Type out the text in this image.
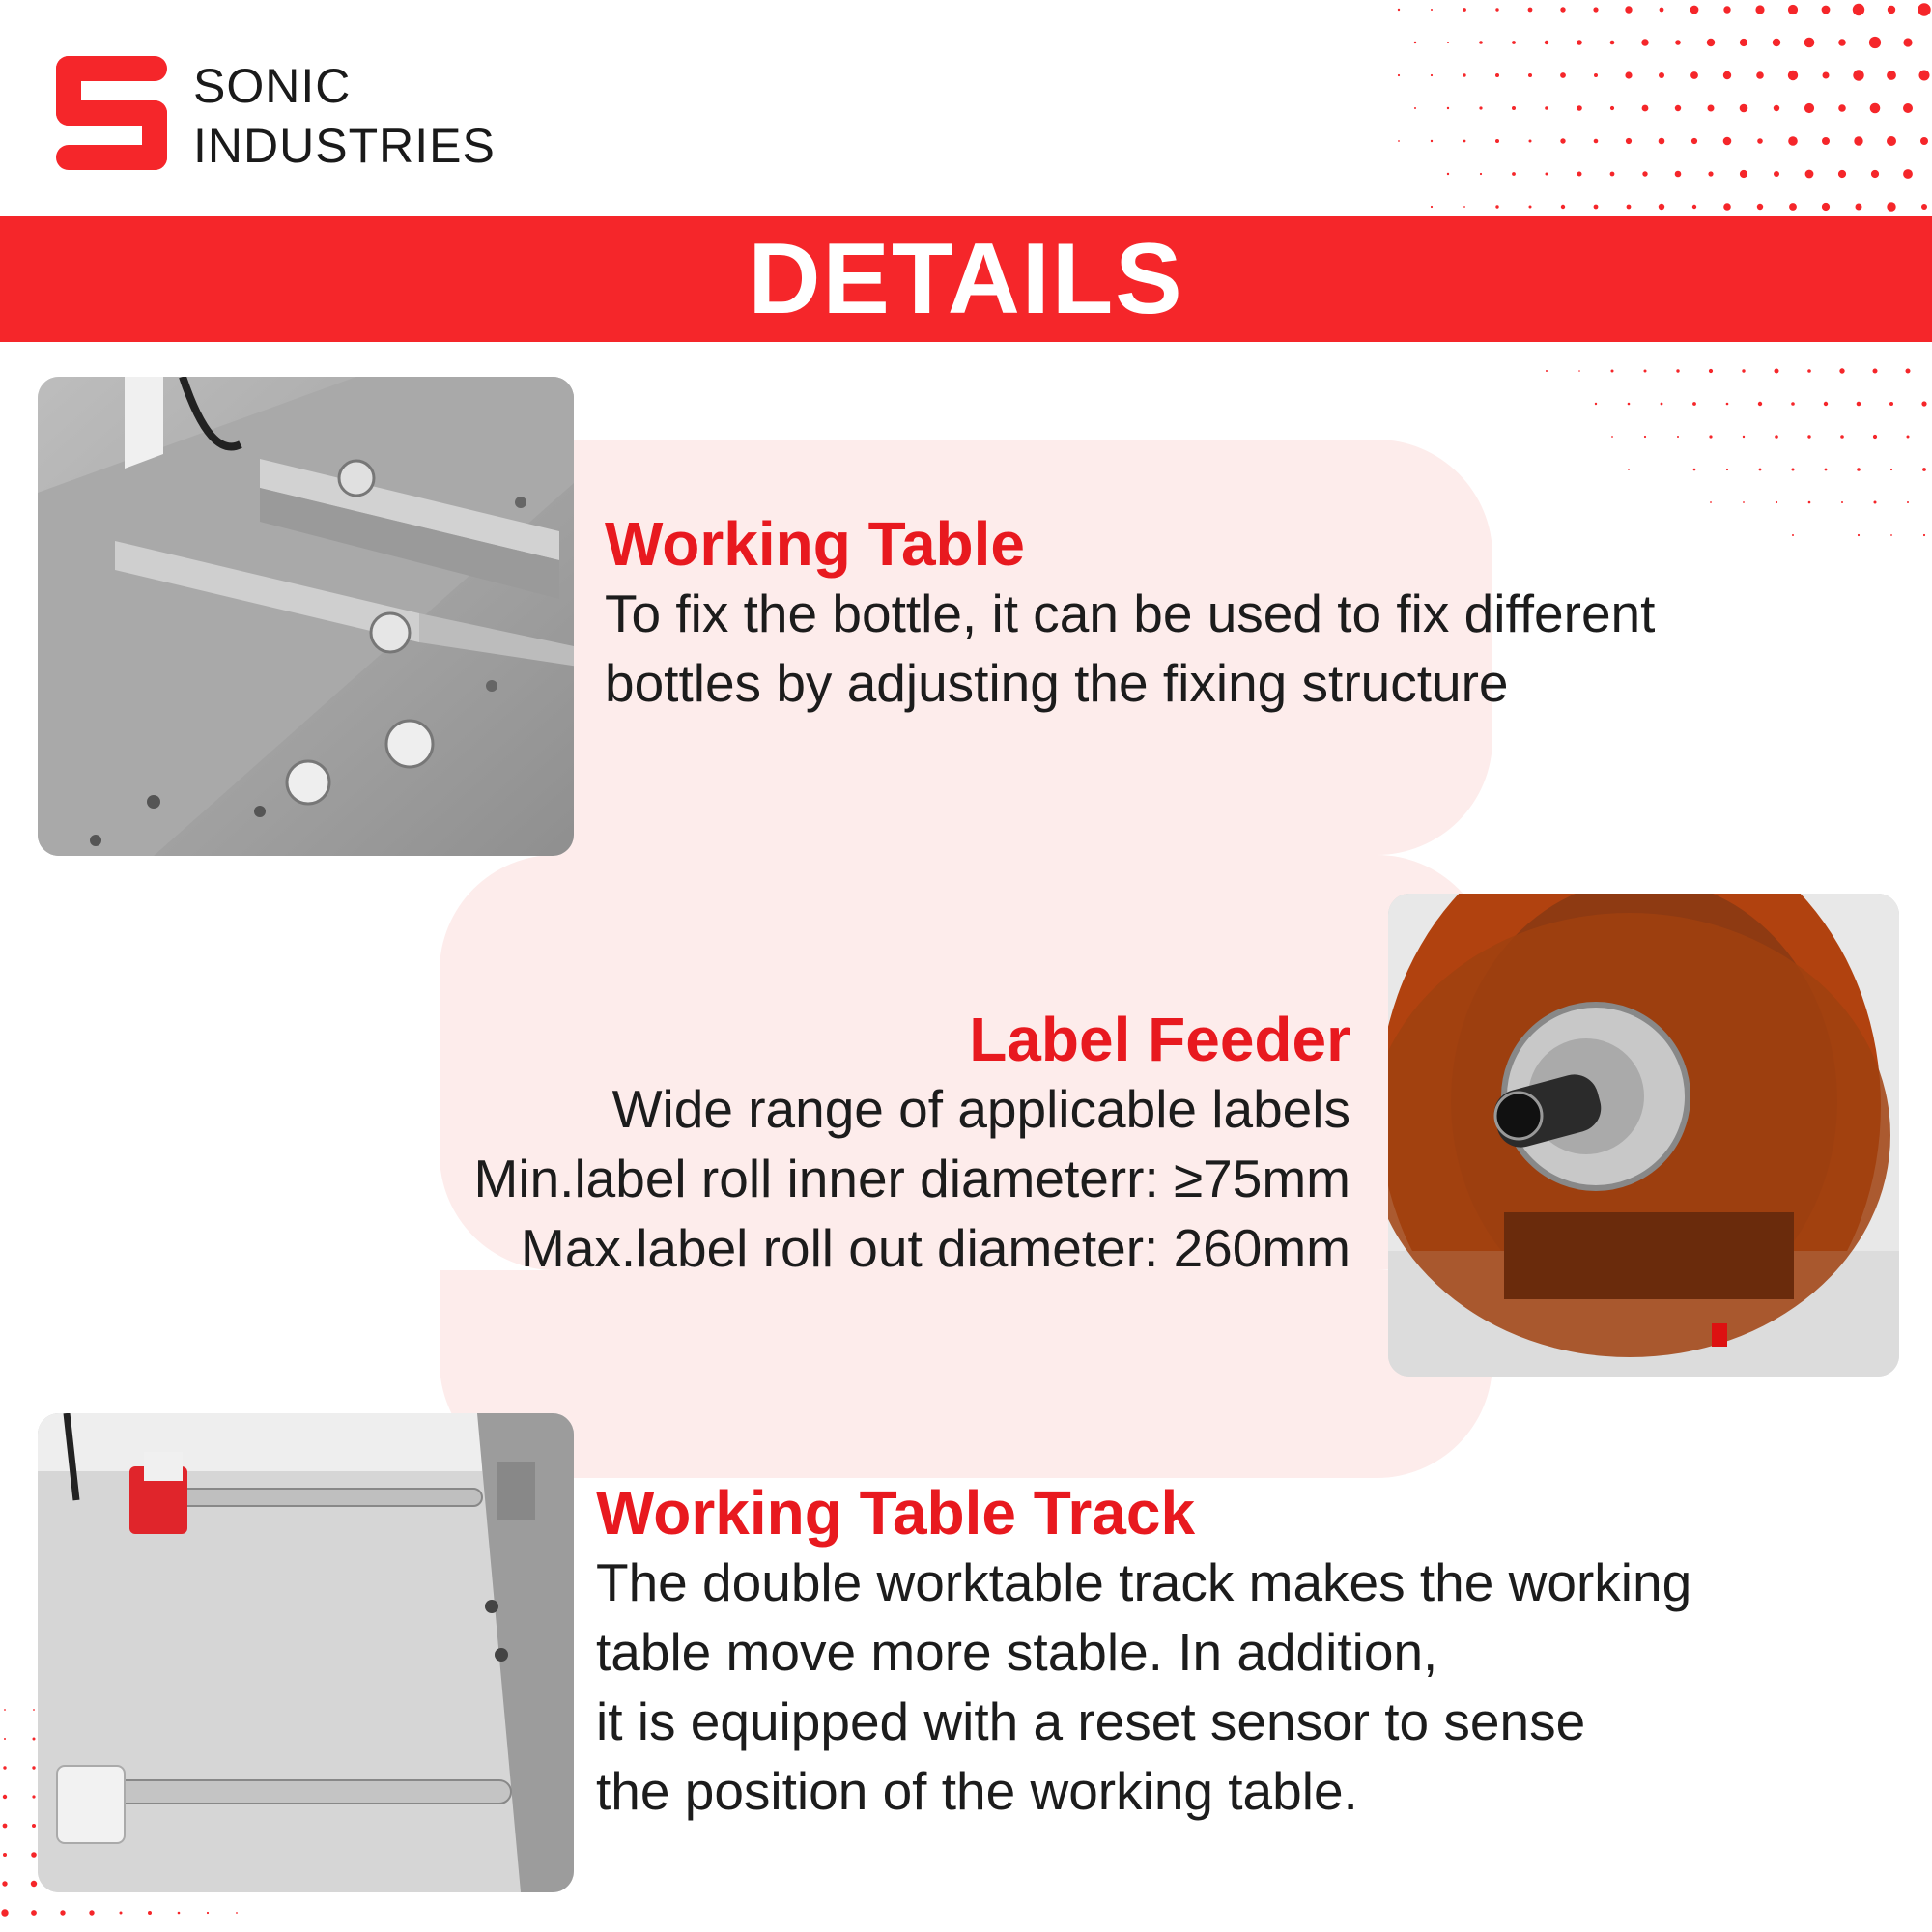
SONIC
INDUSTRIES
DETAILS
Working Table
To fix the bottle, it can be used to fix different
bottles by adjusting the fixing structure
Label Feeder
Wide range of applicable labels
Min.label roll inner diameterr: ≥75mm
Max.label roll out diameter: 260mm
Working Table Track
The double worktable track makes the working
table move more stable. In addition,
it is equipped with a reset sensor to sense
the position of the working table.
